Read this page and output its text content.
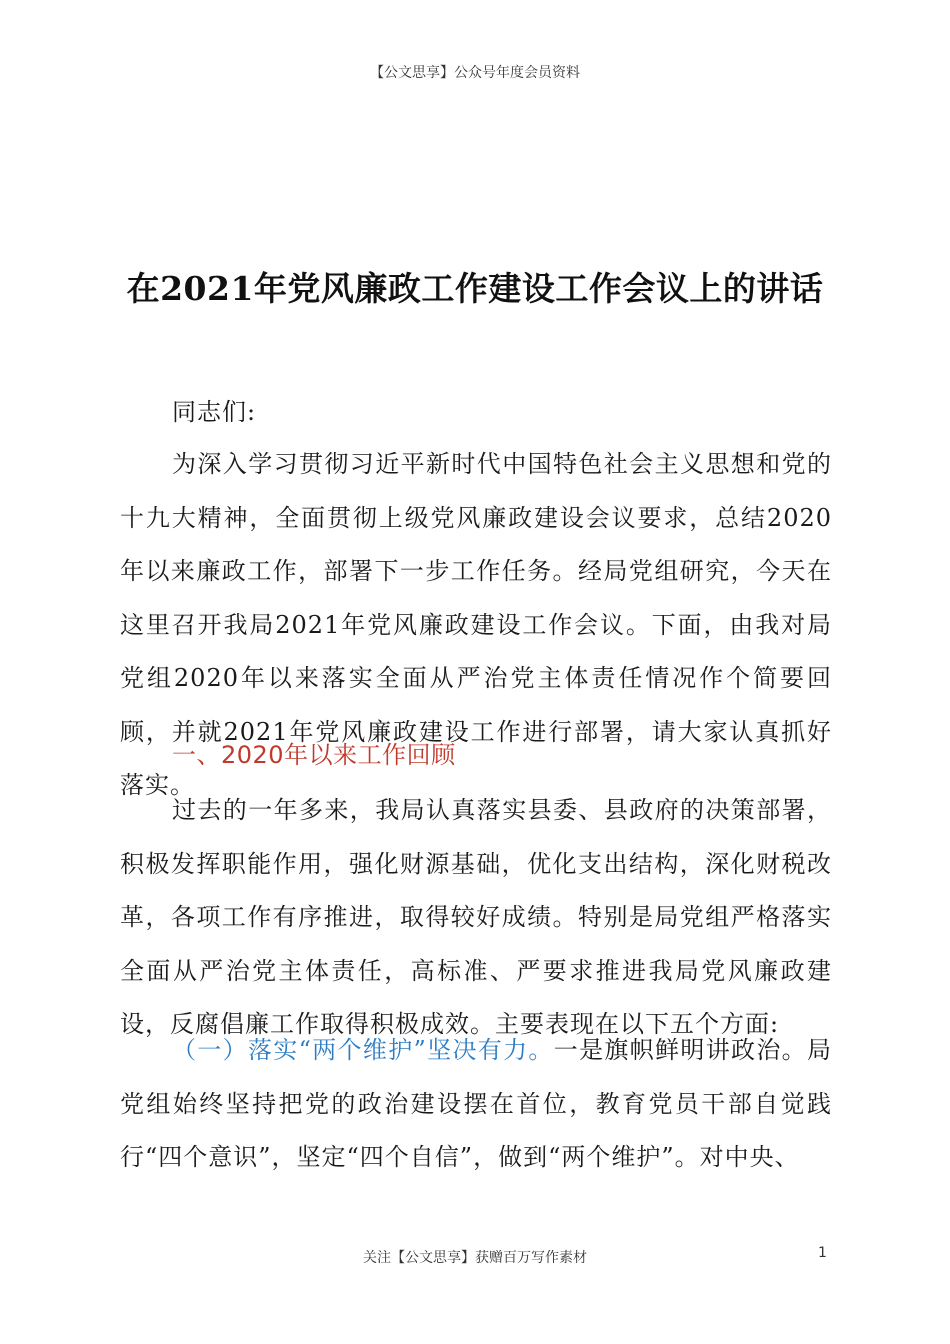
【公文思享】公众号年度会员资料
在2021年党风廉政工作建设工作会议上的讲话
同志们:
为深入学习贯彻习近平新时代中国特色社会主义思想和党的十九大精神，全面贯彻上级党风廉政建设会议要求，总结2020年以来廉政工作，部署下一步工作任务。经局党组研究，今天在这里召开我局2021年党风廉政建设工作会议。下面，由我对局党组2020年以来落实全面从严治党主体责任情况作个简要回顾，并就2021年党风廉政建设工作进行部署，请大家认真抓好落实。
一、2020年以来工作回顾
过去的一年多来，我局认真落实县委、县政府的决策部署，积极发挥职能作用，强化财源基础，优化支出结构，深化财税改革，各项工作有序推进，取得较好成绩。特别是局党组严格落实全面从严治党主体责任，高标准、严要求推进我局党风廉政建设，反腐倡廉工作取得积极成效。主要表现在以下五个方面:
（一）落实“两个维护”坚决有力。一是旗帜鲜明讲政治。局党组始终坚持把党的政治建设摆在首位，教育党员干部自觉践行“四个意识”，坚定“四个自信”，做到“两个维护”。对中央、
关注【公文思享】获赠百万写作素材	1
